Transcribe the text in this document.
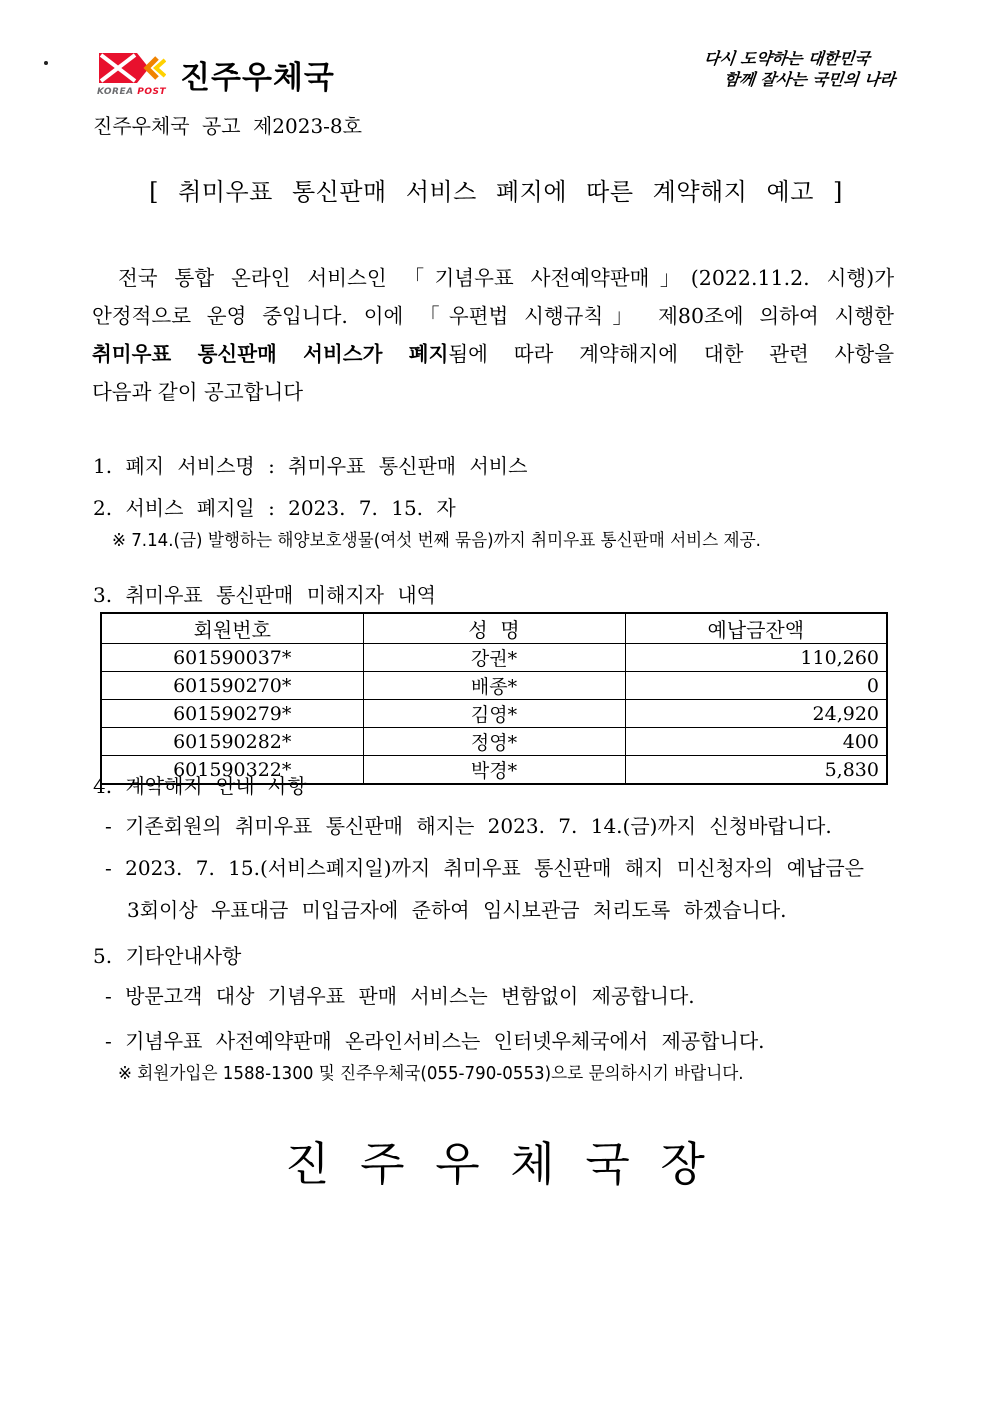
KOREA POST 진주우체국
다시 도약하는 대한민국
함께 잘사는 국민의 나라
진주우체국 공고 제2023-8호
[ 취미우표 통신판매 서비스 폐지에 따른 계약해지 예고 ]
전국 통합 온라인 서비스인 「기념우표 사전예약판매」(2022.11.2. 시행)가
안정적으로 운영 중입니다. 이에 「우편법 시행규칙」 제80조에 의하여 시행한
취미우표 통신판매 서비스가 폐지됨에 따라 계약해지에 대한 관련 사항을
다음과 같이 공고합니다
1. 폐지 서비스명 : 취미우표 통신판매 서비스
2. 서비스 폐지일 : 2023. 7. 15. 자
※ 7.14.(금) 발행하는 해양보호생물(여섯 번째 묶음)까지 취미우표 통신판매 서비스 제공.
3. 취미우표 통신판매 미해지자 내역
회원번호	성  명	예납금잔액
601590037*	강권*	110,260
601590270*	배종*	0
601590279*	김영*	24,920
601590282*	정영*	400
601590322*	박경*	5,830
4. 계약해지 안내 사항
- 기존회원의 취미우표 통신판매 해지는 2023. 7. 14.(금)까지 신청바랍니다.
- 2023. 7. 15.(서비스폐지일)까지 취미우표 통신판매 해지 미신청자의 예납금은
3회이상 우표대금 미입금자에 준하여 임시보관금 처리도록 하겠습니다.
5. 기타안내사항
- 방문고객 대상 기념우표 판매 서비스는 변함없이 제공합니다.
- 기념우표 사전예약판매 온라인서비스는 인터넷우체국에서 제공합니다.
※ 회원가입은 1588-1300 및 진주우체국(055-790-0553)으로 문의하시기 바랍니다.
진 주 우 체 국 장
